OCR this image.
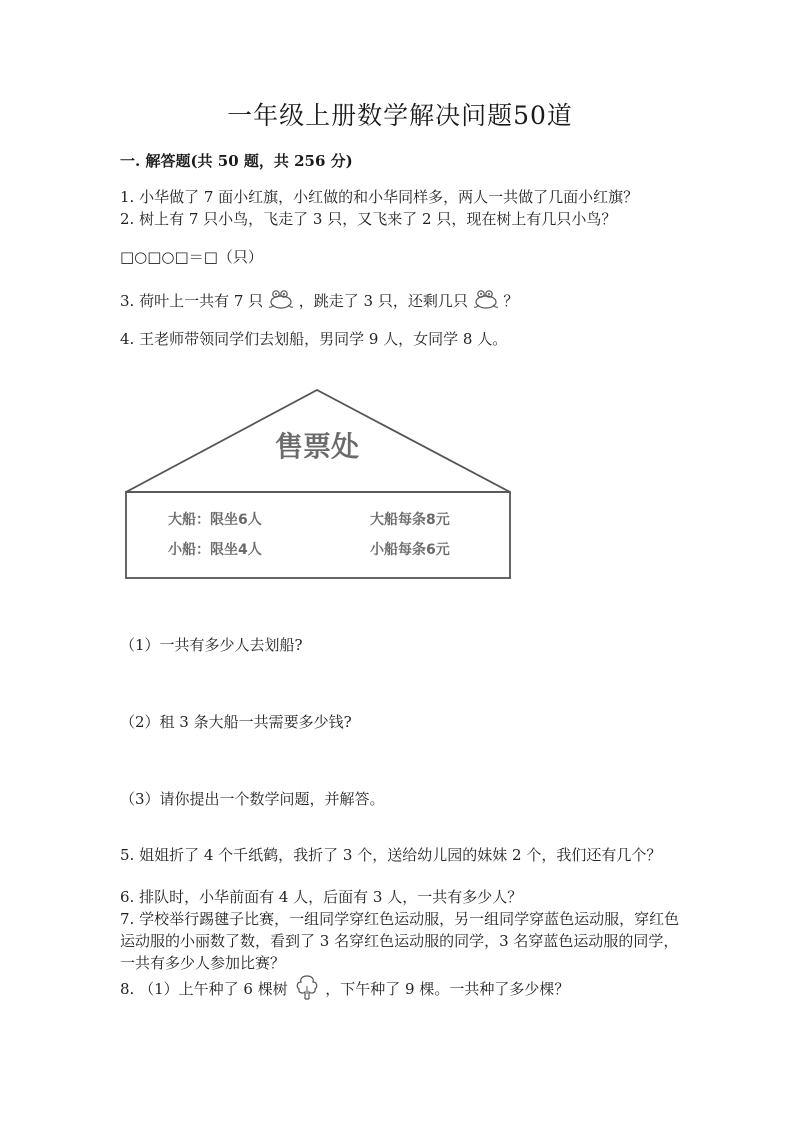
一年级上册数学解决问题50道
一. 解答题(共 50 题，共 256 分)
1. 小华做了 7 面小红旗，小红做的和小华同样多，两人一共做了几面小红旗？
2. 树上有 7 只小鸟，飞走了 3 只，又飞来了 2 只，现在树上有几只小鸟？
□○□○□＝□（只）
3. 荷叶上一共有 7 只 ，跳走了 3 只，还剩几只 ？
4. 王老师带领同学们去划船，男同学 9 人，女同学 8 人。
售票处
大船：限坐6人
小船：限坐4人
大船每条8元
小船每条6元
（1）一共有多少人去划船?
（2）租 3 条大船一共需要多少钱?
（3）请你提出一个数学问题，并解答。
5. 姐姐折了 4 个千纸鹤，我折了 3 个，送给幼儿园的妹妹 2 个，我们还有几个？
6. 排队时，小华前面有 4 人，后面有 3 人，一共有多少人？
7. 学校举行踢毽子比赛，一组同学穿红色运动服，另一组同学穿蓝色运动服，穿红色运动服的小丽数了数，看到了 3 名穿红色运动服的同学，3 名穿蓝色运动服的同学，一共有多少人参加比赛？
8. （1）上午种了 6 棵树	，下午种了 9 棵。一共种了多少棵？
